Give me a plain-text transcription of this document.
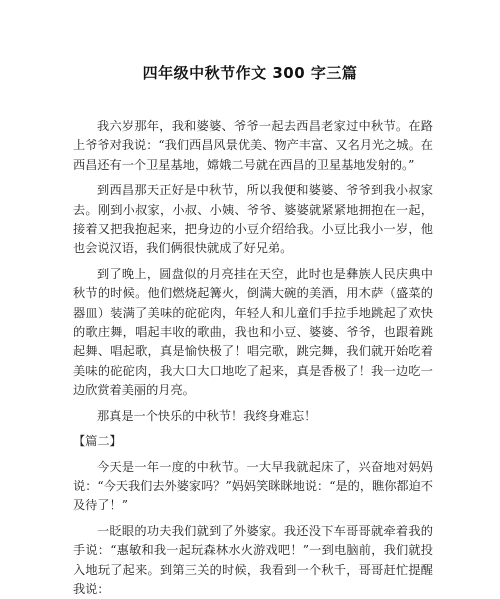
四年级中秋节作文 300 字三篇

我六岁那年，我和婆婆、爷爷一起去西昌老家过中秋节。在路上爷爷对我说：“我们西昌风景优美、物产丰富、又名月光之城。在西昌还有一个卫星基地，嫦娥二号就在西昌的卫星基地发射的。”

到西昌那天正好是中秋节，所以我便和婆婆、爷爷到我小叔家去。刚到小叔家，小叔、小姨、爷爷、婆婆就紧紧地拥抱在一起，接着又把我抱起来，把身边的小豆介绍给我。小豆比我小一岁，他也会说汉语，我们俩很快就成了好兄弟。

到了晚上，圆盘似的月亮挂在天空，此时也是彝族人民庆典中秋节的时候。他们燃烧起篝火，倒满大碗的美酒，用木萨（盛菜的器皿）装满了美味的砣砣肉，年轻人和儿童们手拉手地跳起了欢快的歌庄舞，唱起丰收的歌曲，我也和小豆、婆婆、爷爷，也跟着跳起舞、唱起歌，真是愉快极了！唱完歌，跳完舞，我们就开始吃着美味的砣砣肉，我大口大口地吃了起来，真是香极了！我一边吃一边欣赏着美丽的月亮。

那真是一个快乐的中秋节！我终身难忘！

【篇二】

今天是一年一度的中秋节。一大早我就起床了，兴奋地对妈妈说：“今天我们去外婆家吗？”妈妈笑眯眯地说：“是的，瞧你都迫不及待了！”

一眨眼的功夫我们就到了外婆家。我还没下车哥哥就牵着我的手说：“惠敏和我一起玩森林水火游戏吧！”一到电脑前，我们就投入地玩了起来。到第三关的时候，我看到一个秋千，哥哥赶忙提醒我说：
